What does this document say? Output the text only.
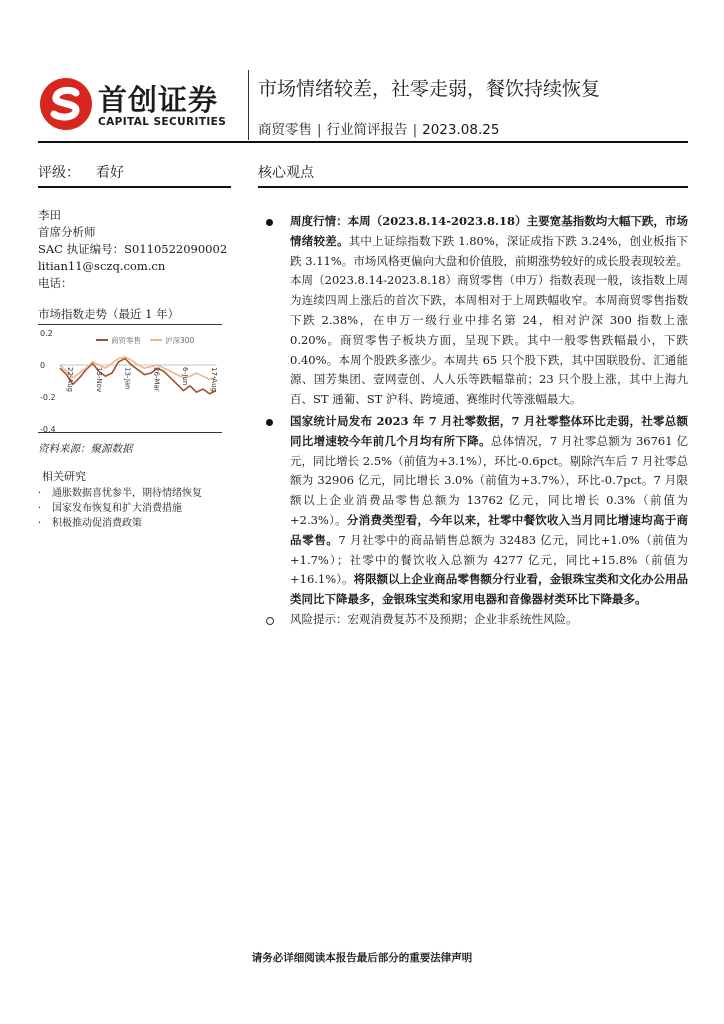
首创证券
CAPITAL SECURITIES
市场情绪较差，社零走弱，餐饮持续恢复
商贸零售 | 行业简评报告 | 2023.08.25
评级： 看好	核心观点
李田
首席分析师
SAC 执证编号：S0110522090002
litian11@sczq.com.cn
电话：
市场指数走势（最近 1 年）
0.2
0
-0.2
-0.4
商贸零售	沪深300
22-Aug	13-Nov	13-Jan	26-Mar	6-Jun	17-Aug
资料来源：聚源数据
相关研究
· 通胀数据喜忧参半，期待情绪恢复
· 国家发布恢复和扩大消费措施
· 积极推动促消费政策
周度行情：本周（2023.8.14-2023.8.18）主要宽基指数均大幅下跌，市场情绪较差。其中上证综指数下跌 1.80%，深证成指下跌 3.24%，创业板指下跌 3.11%。市场风格更偏向大盘和价值股，前期涨势较好的成长股表现较差。本周（2023.8.14-2023.8.18）商贸零售（申万）指数表现一般，该指数上周为连续四周上涨后的首次下跌，本周相对于上周跌幅收窄。本周商贸零售指数下跌 2.38%，在申万一级行业中排名第 24，相对沪深 300 指数上涨 0.20%。商贸零售子板块方面，呈现下跌。其中一般零售跌幅最小，下跌 0.40%。本周个股跌多涨少。本周共 65 只个股下跌，其中国联股份、汇通能源、国芳集团、壹网壹创、人人乐等跌幅靠前；23 只个股上涨，其中上海九百、ST 通葡、ST 沪科、跨境通、赛维时代等涨幅最大。
国家统计局发布 2023 年 7 月社零数据，7 月社零整体环比走弱，社零总额同比增速较今年前几个月均有所下降。总体情况，7 月社零总额为 36761 亿元，同比增长 2.5%（前值为+3.1%），环比-0.6pct。剔除汽车后 7 月社零总额为 32906 亿元，同比增长 3.0%（前值为+3.7%），环比-0.7pct。7 月限额以上企业消费品零售总额为 13762 亿元，同比增长 0.3%（前值为+2.3%）。分消费类型看，今年以来，社零中餐饮收入当月同比增速均高于商品零售。7 月社零中的商品销售总额为 32483 亿元，同比+1.0%（前值为+1.7%）；社零中的餐饮收入总额为 4277 亿元，同比+15.8%（前值为+16.1%）。将限额以上企业商品零售额分行业看，金银珠宝类和文化办公用品类同比下降最多，金银珠宝类和家用电器和音像器材类环比下降最多。
风险提示：宏观消费复苏不及预期；企业非系统性风险。
请务必详细阅读本报告最后部分的重要法律声明
